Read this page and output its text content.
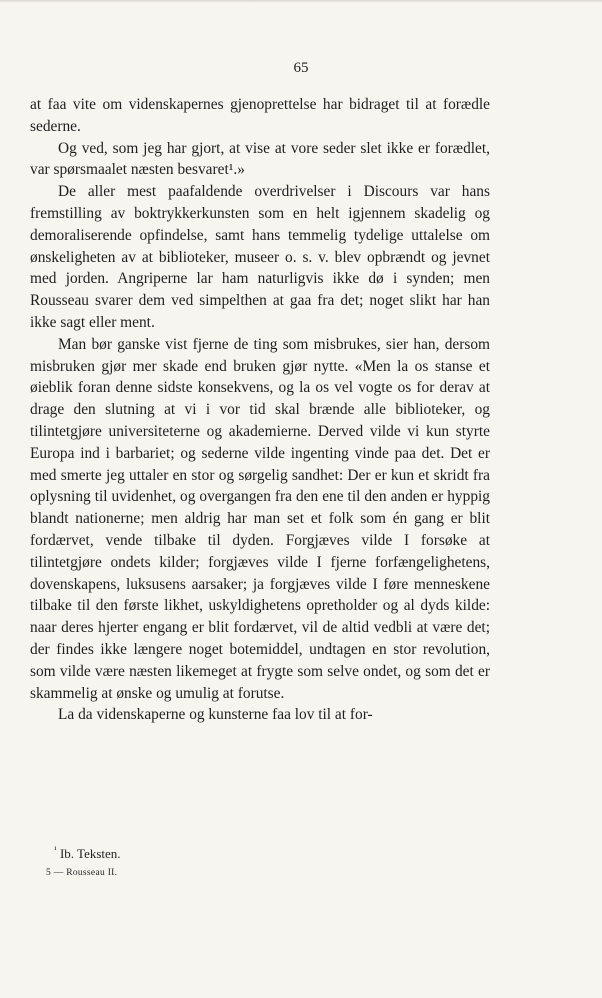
65

at faa vite om videnskapernes gjenoprettelse har bidraget til at forædle sederne.

Og ved, som jeg har gjort, at vise at vore seder slet ikke er forædlet, var spørsmaalet næsten besvaret¹.»

De aller mest paafaldende overdrivelser i Discours var hans fremstilling av boktrykkerkunsten som en helt igjennem skadelig og demoraliserende opfindelse, samt hans temmelig tydelige uttalelse om ønskeligheten av at biblioteker, museer o. s. v. blev opbrændt og jevnet med jorden. Angriperne lar ham naturligvis ikke dø i synden; men Rousseau svarer dem ved simpelthen at gaa fra det; noget slikt har han ikke sagt eller ment.

Man bør ganske vist fjerne de ting som misbrukes, sier han, dersom misbruken gjør mer skade end bruken gjør nytte. «Men la os stanse et øieblik foran denne sidste konsekvens, og la os vel vogte os for derav at drage den slutning at vi i vor tid skal brænde alle biblioteker, og tilintetgjøre universiteterne og akademierne. Derved vilde vi kun styrte Europa ind i barbariet; og sederne vilde ingenting vinde paa det. Det er med smerte jeg uttaler en stor og sørgelig sandhet: Der er kun et skridt fra oplysning til uvidenhet, og overgangen fra den ene til den anden er hyppig blandt nationerne; men aldrig har man set et folk som én gang er blit fordærvet, vende tilbake til dyden. Forgjæves vilde I forsøke at tilintetgjøre ondets kilder; forgjæves vilde I fjerne forfængelighetens, dovenskapens, luksusens aarsaker; ja forgjæves vilde I føre menneskene tilbake til den første likhet, uskyldighetens opretholder og al dyds kilde: naar deres hjerter engang er blit fordærvet, vil de altid vedbli at være det; der findes ikke længere noget botemiddel, undtagen en stor revolution, som vilde være næsten likemeget at frygte som selve ondet, og som det er skammelig at ønske og umulig at forutse.

La da videnskaperne og kunsterne faa lov til at for-

$^{^1}$ Ib. Teksten.
5 — Rousseau II.
